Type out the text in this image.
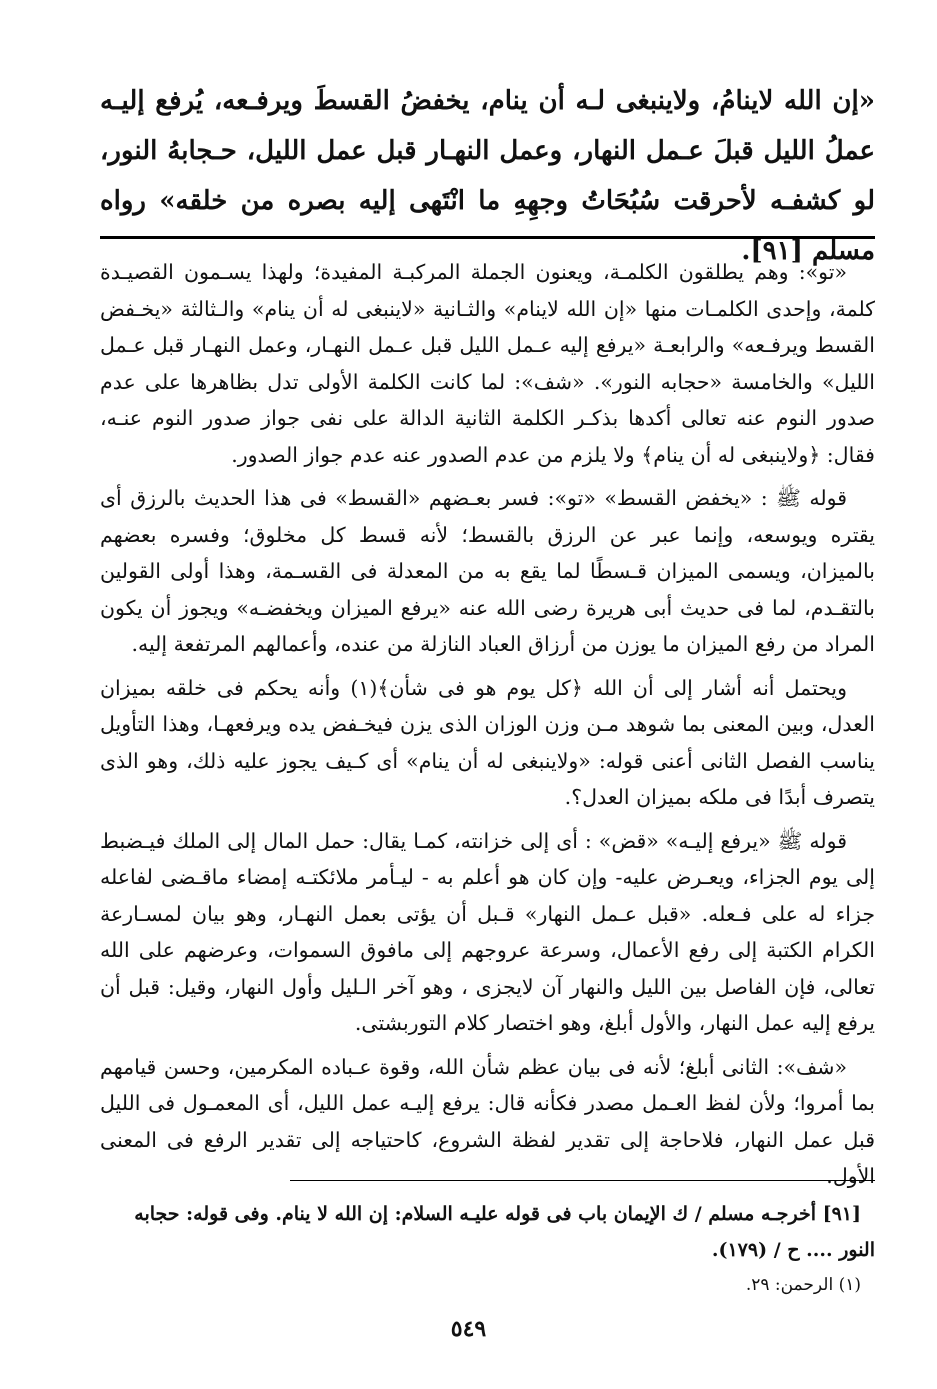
«إن الله لاينامُ، ولاينبغى لـه أن ينام، يخفضُ القسطَ ويرفـعه، يُرفع إليـه عملُ الليل قبلَ عـمل النهار، وعمل النهـار قبل عمل الليل، حـجابهُ النور، لو كشفـه لأحرقت سُبُحَاتُ وجهِهِ ما انْتَهى إليه بصره من خلقه» رواه مسلم [٩١].

«تو»: وهم يطلقون الكلمـة، ويعنون الجملة المركبـة المفيدة؛ ولهذا يسـمون القصيـدة كلمة، وإحدى الكلمـات منها «إن الله لاينام» والثـانية «لاينبغى له أن ينام» والـثالثة «يخـفض القسط ويرفـعه» والرابعـة «يرفع إليه عـمل الليل قبل عـمل النهـار، وعمل النهـار قبل عـمل الليل» والخامسة «حجابه النور». «شف»: لما كانت الكلمة الأولى تدل بظاهرها على عدم صدور النوم عنه تعالى أكدها بذكـر الكلمة الثانية الدالة على نفى جواز صدور النوم عنـه، فقال: ﴿ولاينبغى له أن ينام﴾ ولا يلزم من عدم الصدور عنه عدم جواز الصدور.

قوله ﷺ : «يخفض القسط» «تو»: فسر بعـضهم «القسط» فى هذا الحديث بالرزق أى يقتره ويوسعه، وإنما عبر عن الرزق بالقسط؛ لأنه قسط كل مخلوق؛ وفسره بعضهم بالميزان، ويسمى الميزان قـسطًا لما يقع به من المعدلة فى القسـمة، وهذا أولى القولين بالتقـدم، لما فى حديث أبى هريرة رضى الله عنه «يرفع الميزان ويخفضـه» ويجوز أن يكون المراد من رفع الميزان ما يوزن من أرزاق العباد النازلة من عنده، وأعمالهم المرتفعة إليه.

ويحتمل أنه أشار إلى أن الله ﴿كل يوم هو فى شأن﴾(١) وأنه يحكم فى خلقه بميزان العدل، وبين المعنى بما شوهد مـن وزن الوزان الذى يزن فيخـفض يده ويرفعهـا، وهذا التأويل يناسب الفصل الثانى أعنى قوله: «ولاينبغى له أن ينام» أى كـيف يجوز عليه ذلك، وهو الذى يتصرف أبدًا فى ملكه بميزان العدل؟.

قوله ﷺ «يرفع إليـه» «قض» : أى إلى خزانته، كمـا يقال: حمل المال إلى الملك فيـضبط إلى يوم الجزاء، ويعـرض عليه- وإن كان هو أعلم به - ليـأمر ملائكتـه إمضاء ماقـضى لفاعله جزاء له على فـعله. «قبل عـمل النهار» قـبل أن يؤتى بعمل النهـار، وهو بيان لمسـارعة الكرام الكتبة إلى رفع الأعمال، وسرعة عروجهم إلى مافوق السموات، وعرضهم على الله تعالى، فإن الفاصل بين الليل والنهار آن لايجزى ، وهو آخر الـليل وأول النهار، وقيل: قبل أن يرفع إليه عمل النهار، والأول أبلغ، وهو اختصار كلام التوربشتى.

«شف»: الثانى أبلغ؛ لأنه فى بيان عظم شأن الله، وقوة عـباده المكرمين، وحسن قيامهم بما أمروا؛ ولأن لفظ العـمل مصدر فكأنه قال: يرفع إليـه عمل الليل، أى المعمـول فى الليل قبل عمل النهار، فلاحاجة إلى تقدير لفظة الشروع، كاحتياجه إلى تقدير الرفع فى المعنى الأول.

[٩١] أخرجـه مسلم / ك الإيمان باب فى قوله عليـه السلام: إن الله لا ينام. وفى قوله: حجابه النور .... ح / (١٧٩).

(١) الرحمن: ٢٩.

٥٤٩
